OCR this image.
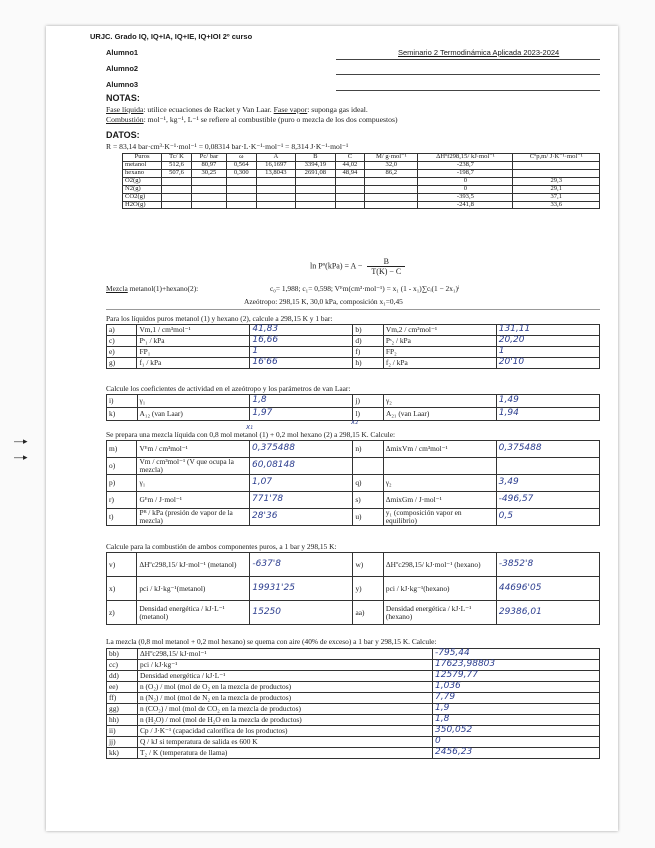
URJC. Grado IQ, IQ+IA, IQ+IE, IQ+IOI 2º curso
Seminario 2 Termodinámica Aplicada 2023-2024
Alumno1
Alumno2
Alumno3
NOTAS:
Fase líquida: utilice ecuaciones de Racket y Van Laar. Fase vapor: suponga gas ideal.
Combustión: mol⁻¹, kg⁻¹, L⁻¹ se refiere al combustible (puro o mezcla de los dos compuestos)
DATOS:
R = 83,14 bar·cm³·K⁻¹·mol⁻¹ = 0,08314 bar·L·K⁻¹·mol⁻¹ = 8,314 J·K⁻¹·mol⁻¹
Puros	Tc/ K	Pc/ bar	ω	A	B	C	M/ g·mol⁻¹	ΔHºf298,15/ kJ·mol⁻¹	Cºp,m/ J·K⁻¹·mol⁻¹
metanol	512,6	80,97	0,564	16,1697	3394,19	44,02	32,0	-238,7	
hexano	507,6	30,25	0,300	13,8043	2691,08	48,94	86,2	-198,7	
O2(g)								0	29,3
N2(g)								0	29,1
CO2(g)								-393,5	37,1
H2O(g)								-241,8	33,6
ln Pº(kPa) = $A - \frac{B}{T(K) - C}$
Mezcla metanol(1)+hexano(2):	c₀= 1,988; c₁= 0,598; Vᴱm(cm³·mol⁻¹) = x₁ (1 - x₁)∑cᵢ(1 − 2x₁)ⁱ
Azeótropo: 298,15 K, 30,0 kPa, composición x₁=0,45
Para los líquidos puros metanol (1) y hexano (2), calcule a 298,15 K y 1 bar:
a)	Vm,1 / cm³mol⁻¹	41,83	b)	Vm,2 / cm³mol⁻¹	131,11
c)	Pˢ₁ / kPa	16,66	d)	Pˢ₂ / kPa	20,20
e)	FP₁	1	f)	FP₂	1
g)	f₁ / kPa	16'66	h)	f₂ / kPa	20'10
Calcule los coeficientes de actividad en el azeótropo y los parámetros de van Laar:
i)	γ₁	1,8	j)	γ₂	1,49
k)	A₁₂ (van Laar)	1,97	l)	A₂₁ (van Laar)	1,94
x₁
x₂
Se prepara una mezcla líquida con 0,8 mol metanol (1) + 0,2 mol hexano (2) a 298,15 K. Calcule:
m)	Vᴱm / cm³mol⁻¹	0,375488	n)	ΔmixVm / cm³mol⁻¹	0,375488
o)	Vm / cm³mol⁻¹ (V que ocupa la mezcla)	60,08148			
p)	γ₁	1,07	q)	γ₂	3,49
r)	Gᴱm / J·mol⁻¹	771'78	s)	ΔmixGm / J·mol⁻¹	-496,57
t)	Pᴮ / kPa (presión de vapor de la mezcla)	28'36	u)	y₁ (composición vapor en equilibrio)	0,5
Calcule para la combustión de ambos componentes puros, a 1 bar y 298,15 K:
v)	ΔHºc298,15/ kJ·mol⁻¹ (metanol)	-637'8	w)	ΔHºc298,15/ kJ·mol⁻¹ (hexano)	-3852'8
x)	pci / kJ·kg⁻¹(metanol)	19931'25	y)	pci / kJ·kg⁻¹(hexano)	44696'05
z)	Densidad energética / kJ·L⁻¹ (metanol)	15250	aa)	Densidad energética / kJ·L⁻¹ (hexano)	29386,01
La mezcla (0,8 mol metanol + 0,2 mol hexano) se quema con aire (40% de exceso) a 1 bar y 298,15 K. Calcule:
bb)	ΔHºc298,15/ kJ·mol⁻¹	-795,44
cc)	pci / kJ·kg⁻¹	17623,98803
dd)	Densidad energética / kJ·L⁻¹	12579,77
ee)	n (O₂) / mol (mol de O₂ en la mezcla de productos)	1,036
ff)	n (N₂) / mol (mol de N₂ en la mezcla de productos)	7,79
gg)	n (CO₂) / mol (mol de CO₂ en la mezcla de productos)	1,9
hh)	n (H₂O) / mol (mol de H₂O en la mezcla de productos)	1,8
ii)	Cp / J·K⁻¹ (capacidad calorífica de los productos)	350,052
jj)	Q / kJ si temperatura de salida es 600 K	0
kk)	T₂ / K (temperatura de llama)	2456,23
—▸
—▸
